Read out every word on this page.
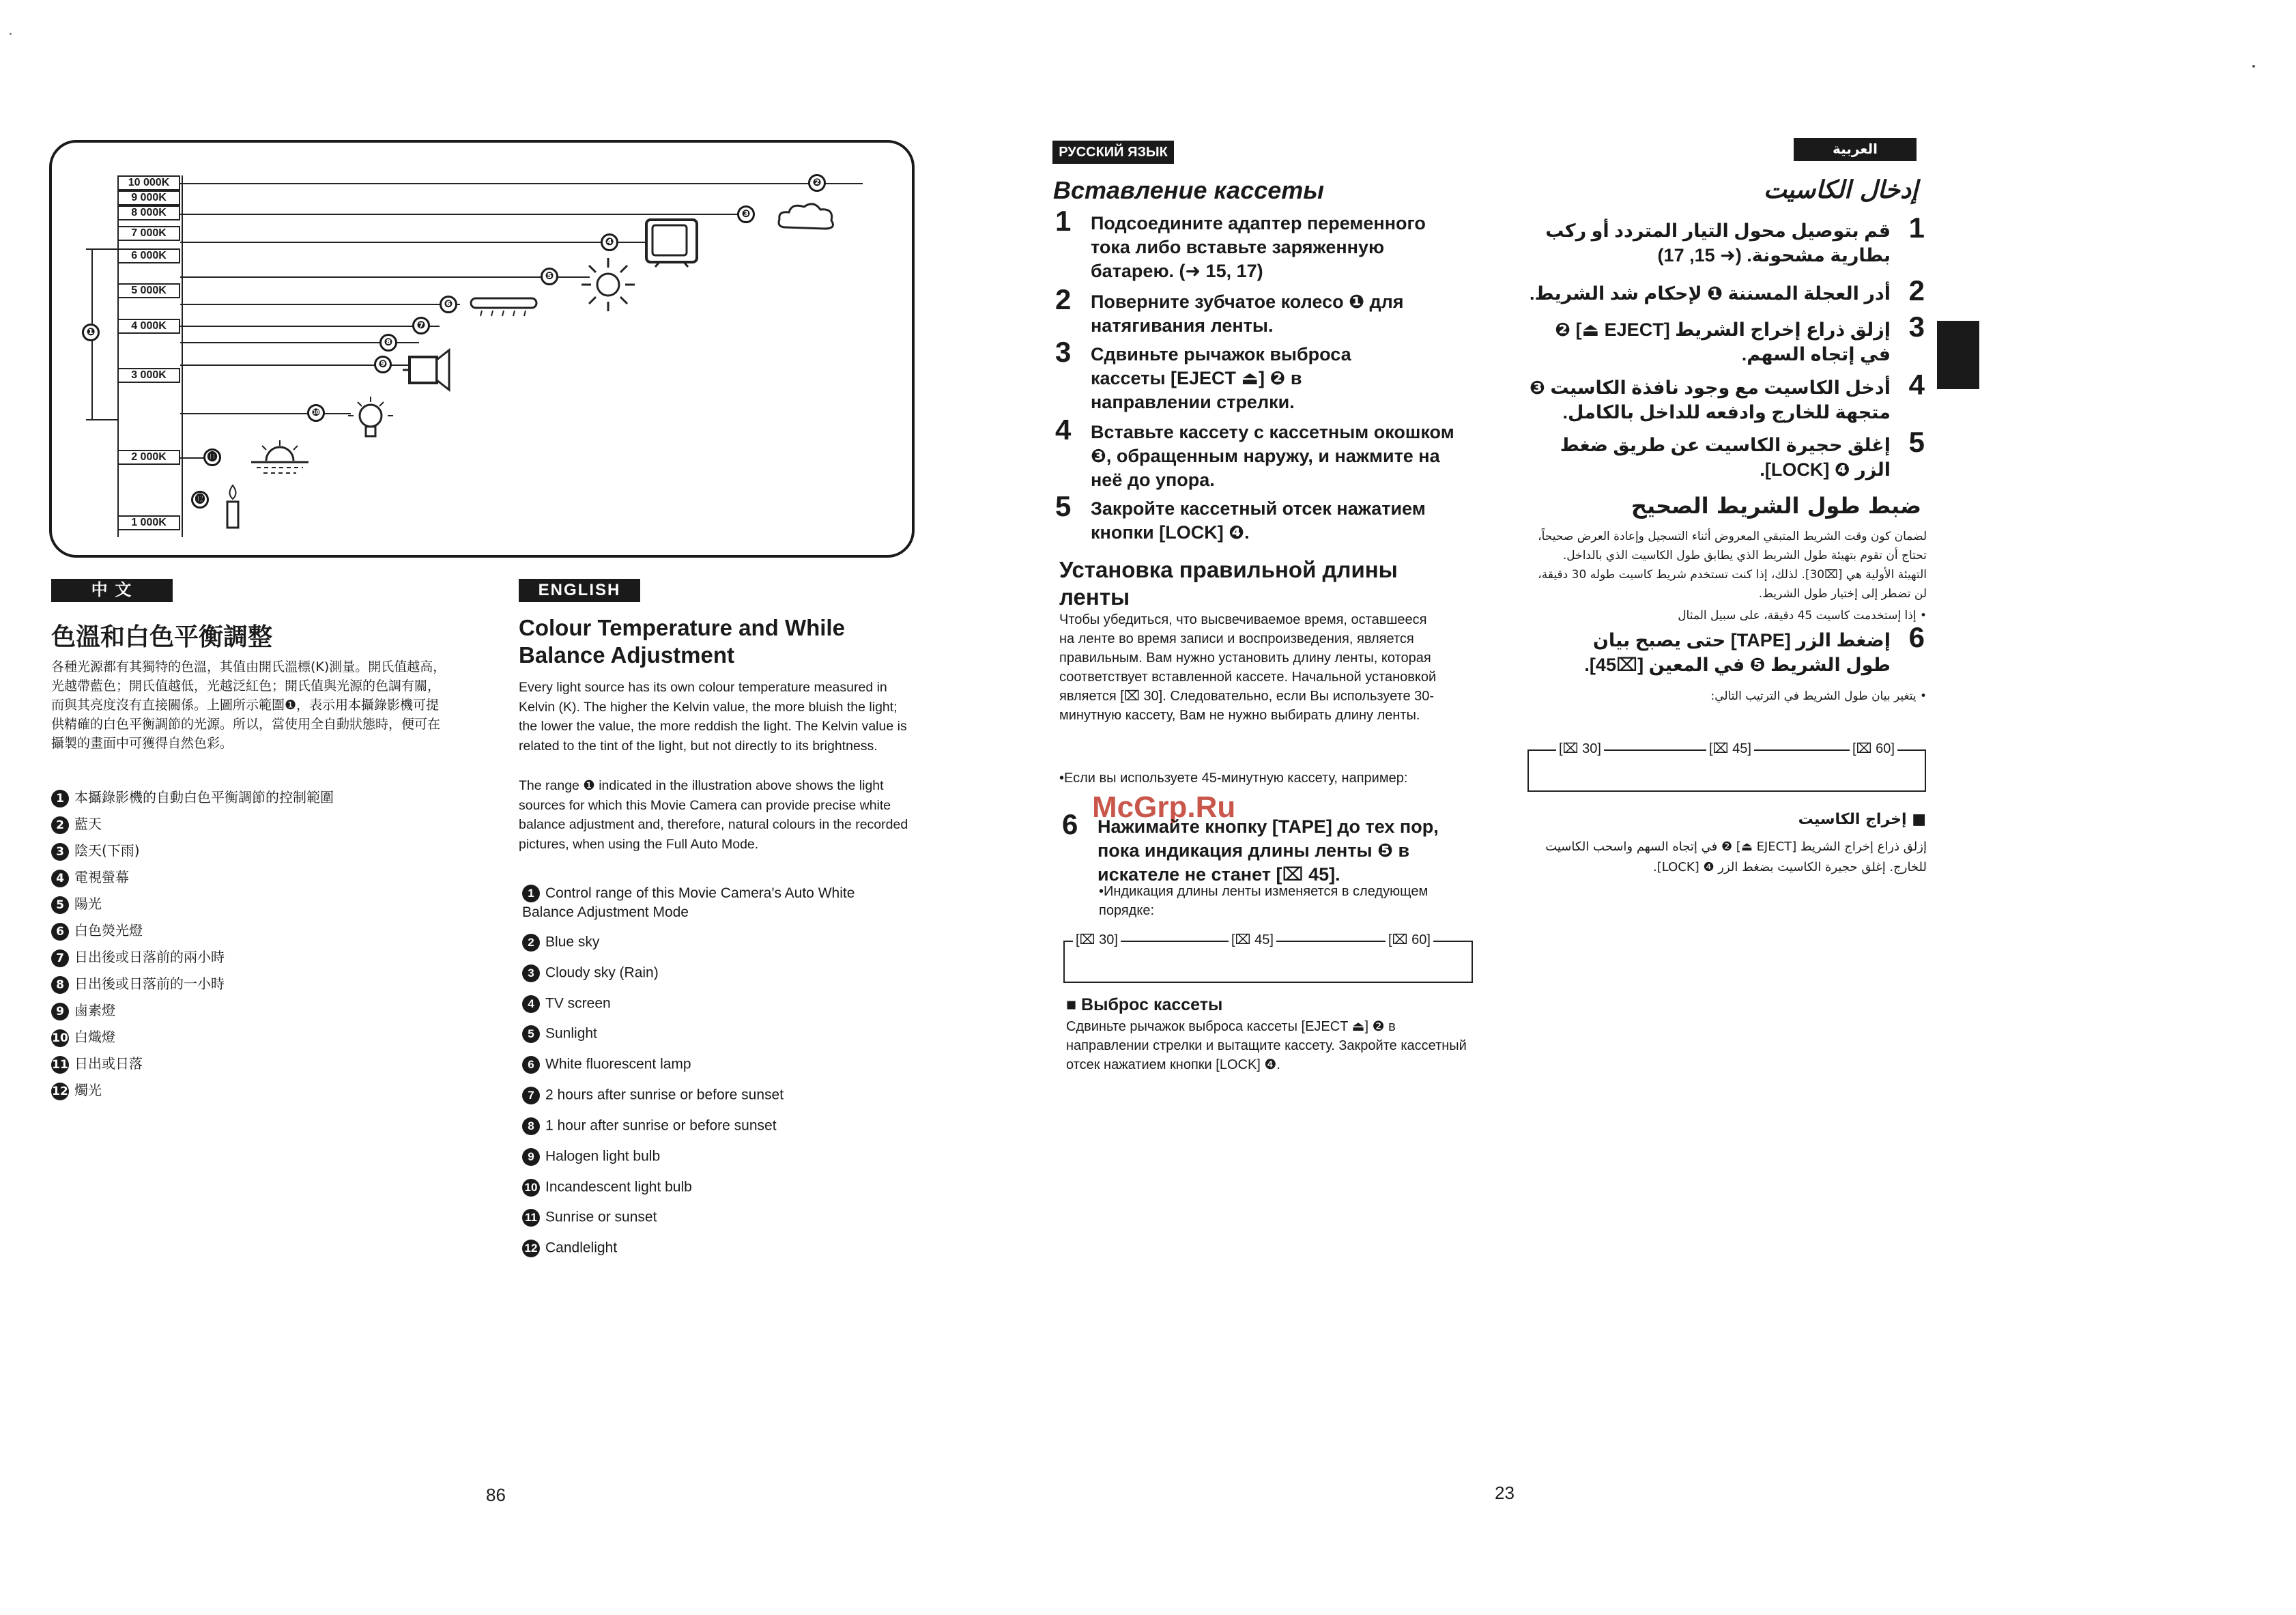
10 000K
9 000K
8 000K
7 000K
6 000K
5 000K
4 000K
3 000K
2 000K
1 000K
❶
❷
❸
❹
❺
❻
❼
❽
❾
❿
⓫
⓬
中 文
色溫和白色平衡調整
各種光源都有其獨特的色溫，其值由開氏溫標(K)測量。開氏值越高，光越帶藍色；開氏值越低，光越泛紅色；開氏值與光源的色調有關，而與其亮度沒有直接關係。上圖所示範圍❶，表示用本攝錄影機可提供精確的白色平衡調節的光源。所以，當使用全自動狀態時，便可在攝製的畫面中可獲得自然色彩。
1 本攝錄影機的自動白色平衡調節的控制範圍
2 藍天
3 陰天(下雨)
4 電視螢幕
5 陽光
6 白色熒光燈
7 日出後或日落前的兩小時
8 日出後或日落前的一小時
9 鹵素燈
10 白熾燈
11 日出或日落
12 燭光
ENGLISH
Colour Temperature and While Balance Adjustment
Every light source has its own colour temperature measured in Kelvin (K). The higher the Kelvin value, the more bluish the light; the lower the value, the more reddish the light. The Kelvin value is related to the tint of the light, but not directly to its brightness.
The range ❶ indicated in the illustration above shows the light sources for which this Movie Camera can provide precise white balance adjustment and, therefore, natural colours in the recorded pictures, when using the Full Auto Mode.
1 Control range of this Movie Camera's Auto White Balance Adjustment Mode
2 Blue sky
3 Cloudy sky (Rain)
4 TV screen
5 Sunlight
6 White fluorescent lamp
7 2 hours after sunrise or before sunset
8 1 hour after sunrise or before sunset
9 Halogen light bulb
10 Incandescent light bulb
11 Sunrise or sunset
12 Candlelight
РУССКИЙ ЯЗЫК
Вставление кассеты
1 Подсоедините адаптер переменного тока либо вставьте заряженную батарею. (➜ 15, 17)
2 Поверните зубчатое колесо ❶ для натягивания ленты.
3 Сдвиньте рычажок выброса кассеты [EJECT ⏏] ❷ в направлении стрелки.
4 Вставьте кассету с кассетным окошком ❸, обращенным наружу, и нажмите на неё до упора.
5 Закройте кассетный отсек нажатием кнопки [LOCK] ❹.
Установка правильной длины ленты
Чтобы убедиться, что высвечиваемое время, оставшееся на ленте во время записи и воспроизведения, является правильным. Вам нужно установить длину ленты, которая соответствует вставленной кассете. Начальной установкой является [⌧ 30]. Следовательно, если Вы используете 30-минутную кассету, Вам не нужно выбирать длину ленты.
•Если вы используете 45-минутную кассету, например:
McGrp.Ru
6 Нажимайте кнопку [TAPE] до тех пор, пока индикация длины ленты ❺ в искателе не станет [⌧ 45].
•Индикация длины ленты изменяется в следующем порядке:
[⌧ 30]	[⌧ 45]	[⌧ 60]
■ Выброс кассеты
Сдвиньте рычажок выброса кассеты [EJECT ⏏] ❷ в направлении стрелки и вытащите кассету. Закройте кассетный отсек нажатием кнопки [LOCK] ❹.
العربية
إدخال الكاسيت
1
قم بتوصيل محول التيار المتردد أو ركب بطارية مشحونة. (➜ 15, 17)
2
أدر العجلة المسننة ❶ لإحكام شد الشريط.
3
إزلق ذراع إخراج الشريط [EJECT ⏏] ❷ في إتجاه السهم.
4
أدخل الكاسيت مع وجود نافذة الكاسيت ❸ متجهة للخارج وادفعه للداخل بالكامل.
5
إغلق حجيرة الكاسيت عن طريق ضغط الزر ❹ [LOCK].
ضبط طول الشريط الصحيح
لضمان كون وقت الشريط المتبقي المعروض أثناء التسجيل وإعادة العرض صحيحاً، تحتاج أن تقوم بتهيئة طول الشريط الذي يطابق طول الكاسيت الذي بالداخل. التهيئة الأولية هي [⌧30]. لذلك، إذا كنت تستخدم شريط كاسيت طوله 30 دقيقة، لن تضطر إلى إختيار طول الشريط.
• إذا إستخدمت كاسيت 45 دقيقة، على سبيل المثال
6
إضغط الزر [TAPE] حتى يصبح بيان طول الشريط ❺ في المعين [⌧45].
• يتغير بيان طول الشريط في الترتيب التالي:
[⌧ 30]	[⌧ 45]	[⌧ 60]
■ إخراج الكاسيت
إزلق ذراع إخراج الشريط [EJECT ⏏] ❷ في إتجاه السهم واسحب الكاسيت للخارج. إغلق حجيرة الكاسيت بضغط الزر ❹ [LOCK].
86	23
